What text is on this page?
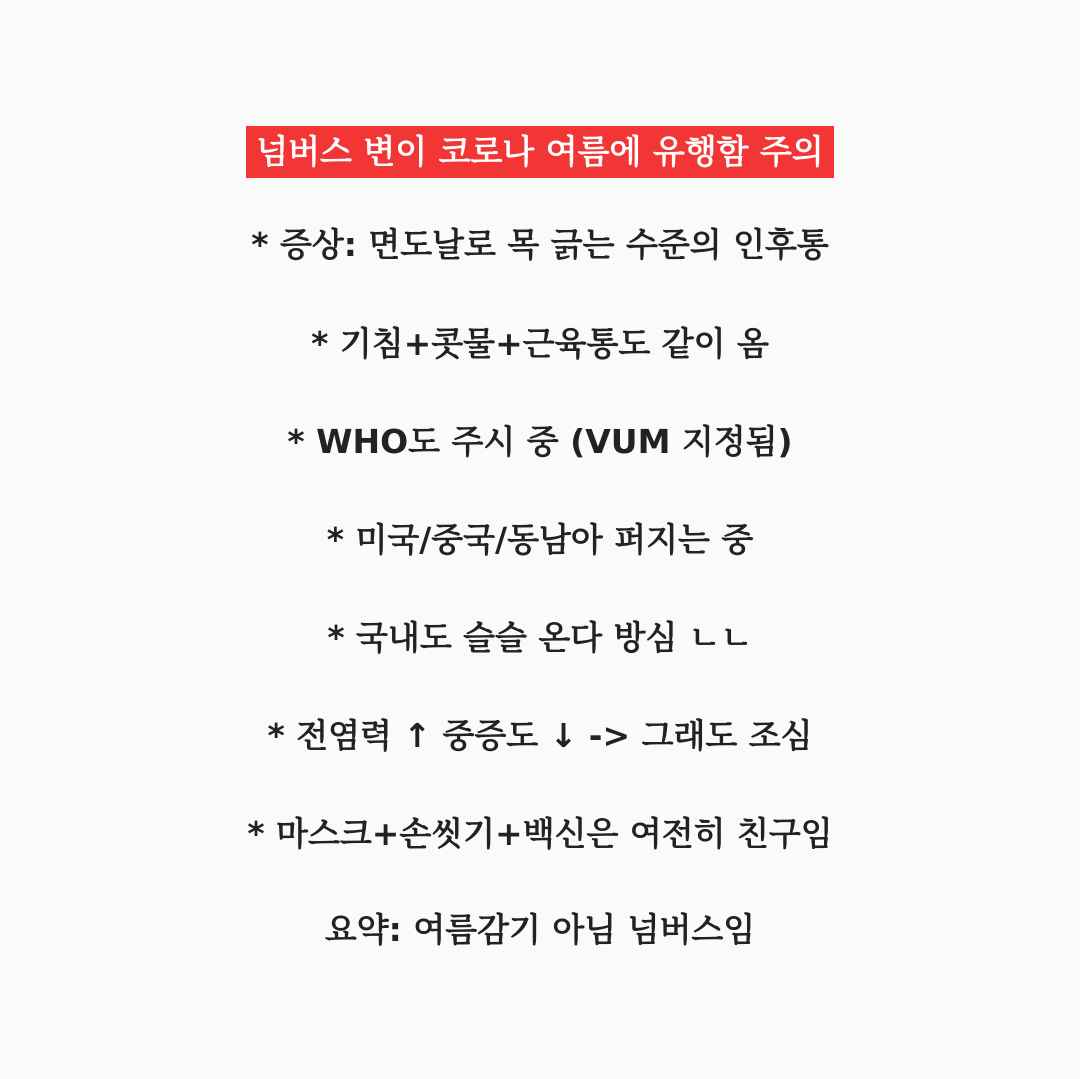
넘버스 변이 코로나 여름에 유행함 주의
* 증상: 면도날로 목 긁는 수준의 인후통
* 기침+콧물+근육통도 같이 옴
* WHO도 주시 중 (VUM 지정됨)
* 미국/중국/동남아 퍼지는 중
* 국내도 슬슬 온다 방심 ㄴㄴ
* 전염력 ↑ 중증도 ↓ -> 그래도 조심
* 마스크+손씻기+백신은 여전히 친구임
요약: 여름감기 아님 넘버스임
